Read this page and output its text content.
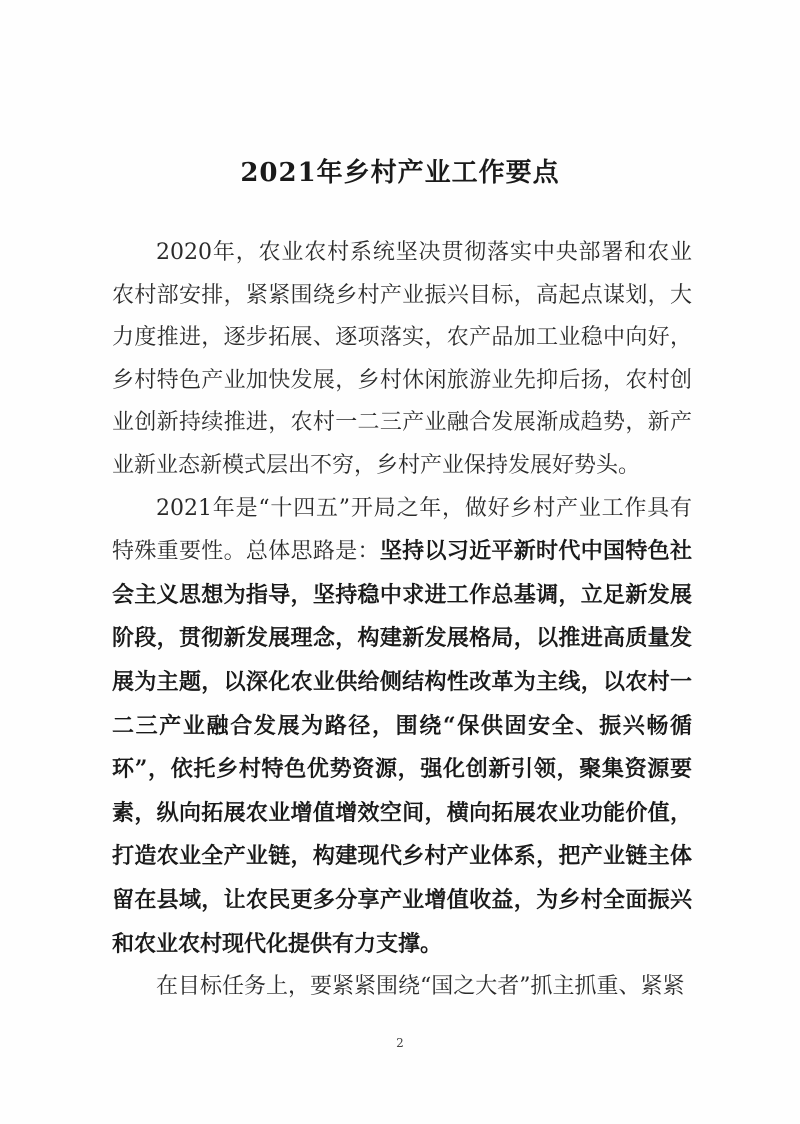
2021年乡村产业工作要点

2020年，农业农村系统坚决贯彻落实中央部署和农业农村部安排，紧紧围绕乡村产业振兴目标，高起点谋划，大力度推进，逐步拓展、逐项落实，农产品加工业稳中向好，乡村特色产业加快发展，乡村休闲旅游业先抑后扬，农村创业创新持续推进，农村一二三产业融合发展渐成趋势，新产业新业态新模式层出不穷，乡村产业保持发展好势头。

2021年是“十四五”开局之年，做好乡村产业工作具有特殊重要性。总体思路是：坚持以习近平新时代中国特色社会主义思想为指导，坚持稳中求进工作总基调，立足新发展阶段，贯彻新发展理念，构建新发展格局，以推进高质量发展为主题，以深化农业供给侧结构性改革为主线，以农村一二三产业融合发展为路径，围绕“保供固安全、振兴畅循环”，依托乡村特色优势资源，强化创新引领，聚集资源要素，纵向拓展农业增值增效空间，横向拓展农业功能价值，打造农业全产业链，构建现代乡村产业体系，把产业链主体留在县域，让农民更多分享产业增值收益，为乡村全面振兴和农业农村现代化提供有力支撑。

在目标任务上，要紧紧围绕“国之大者”抓主抓重、紧紧

2
